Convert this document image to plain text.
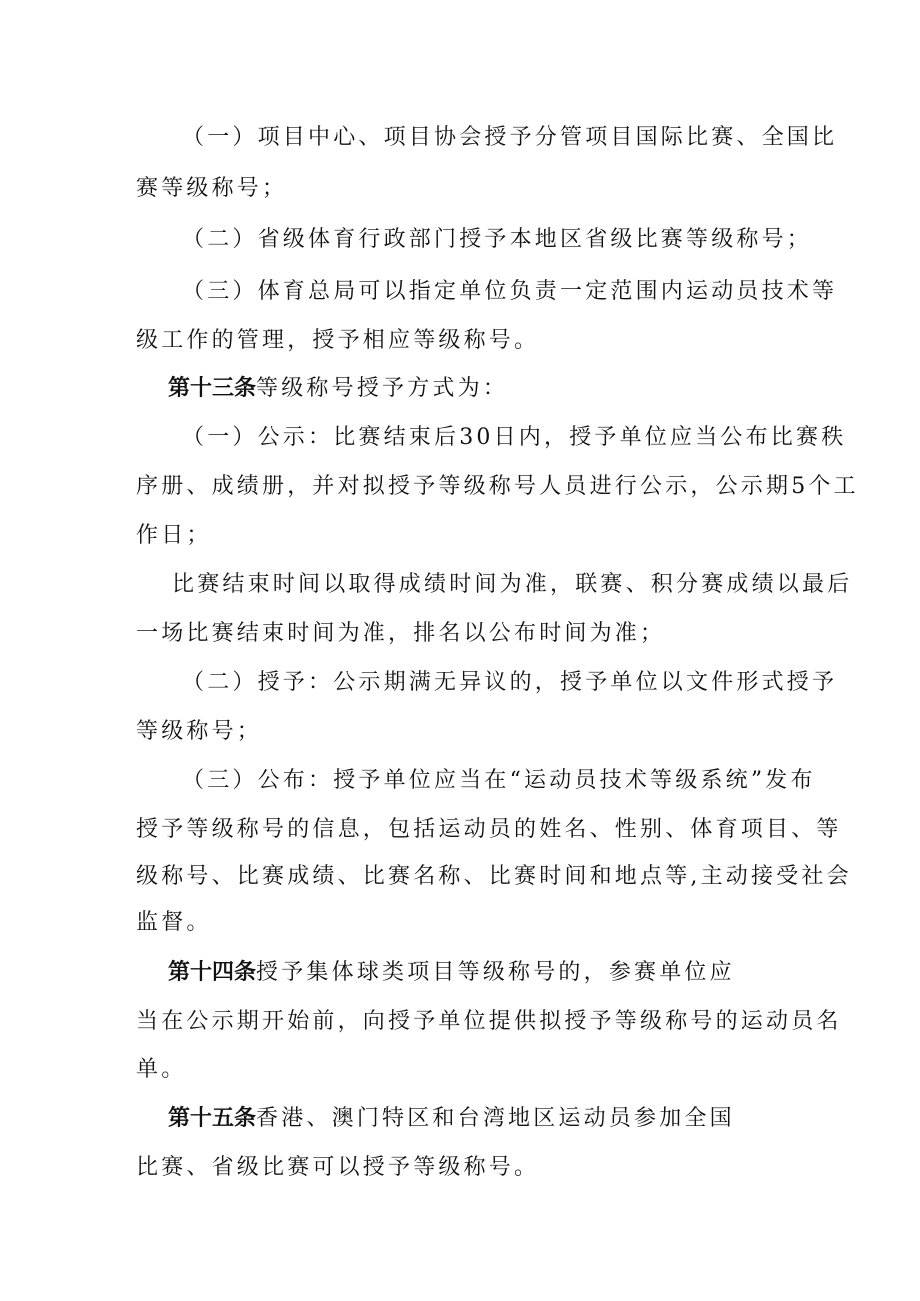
（一）项目中心、项目协会授予分管项目国际比赛、全国比

赛等级称号；

（二）省级体育行政部门授予本地区省级比赛等级称号；

（三）体育总局可以指定单位负责一定范围内运动员技术等

级工作的管理，授予相应等级称号。

第十三条等级称号授予方式为：

（一）公示：比赛结束后30日内，授予单位应当公布比赛秩

序册、成绩册，并对拟授予等级称号人员进行公示，公示期5个工

作日；

比赛结束时间以取得成绩时间为准，联赛、积分赛成绩以最后

一场比赛结束时间为准，排名以公布时间为准；

（二）授予：公示期满无异议的，授予单位以文件形式授予

等级称号；

（三）公布：授予单位应当在“运动员技术等级系统”发布

授予等级称号的信息，包括运动员的姓名、性别、体育项目、等

级称号、比赛成绩、比赛名称、比赛时间和地点等,主动接受社会

监督。

第十四条授予集体球类项目等级称号的，参赛单位应

当在公示期开始前，向授予单位提供拟授予等级称号的运动员名

单。

第十五条香港、澳门特区和台湾地区运动员参加全国

比赛、省级比赛可以授予等级称号。
